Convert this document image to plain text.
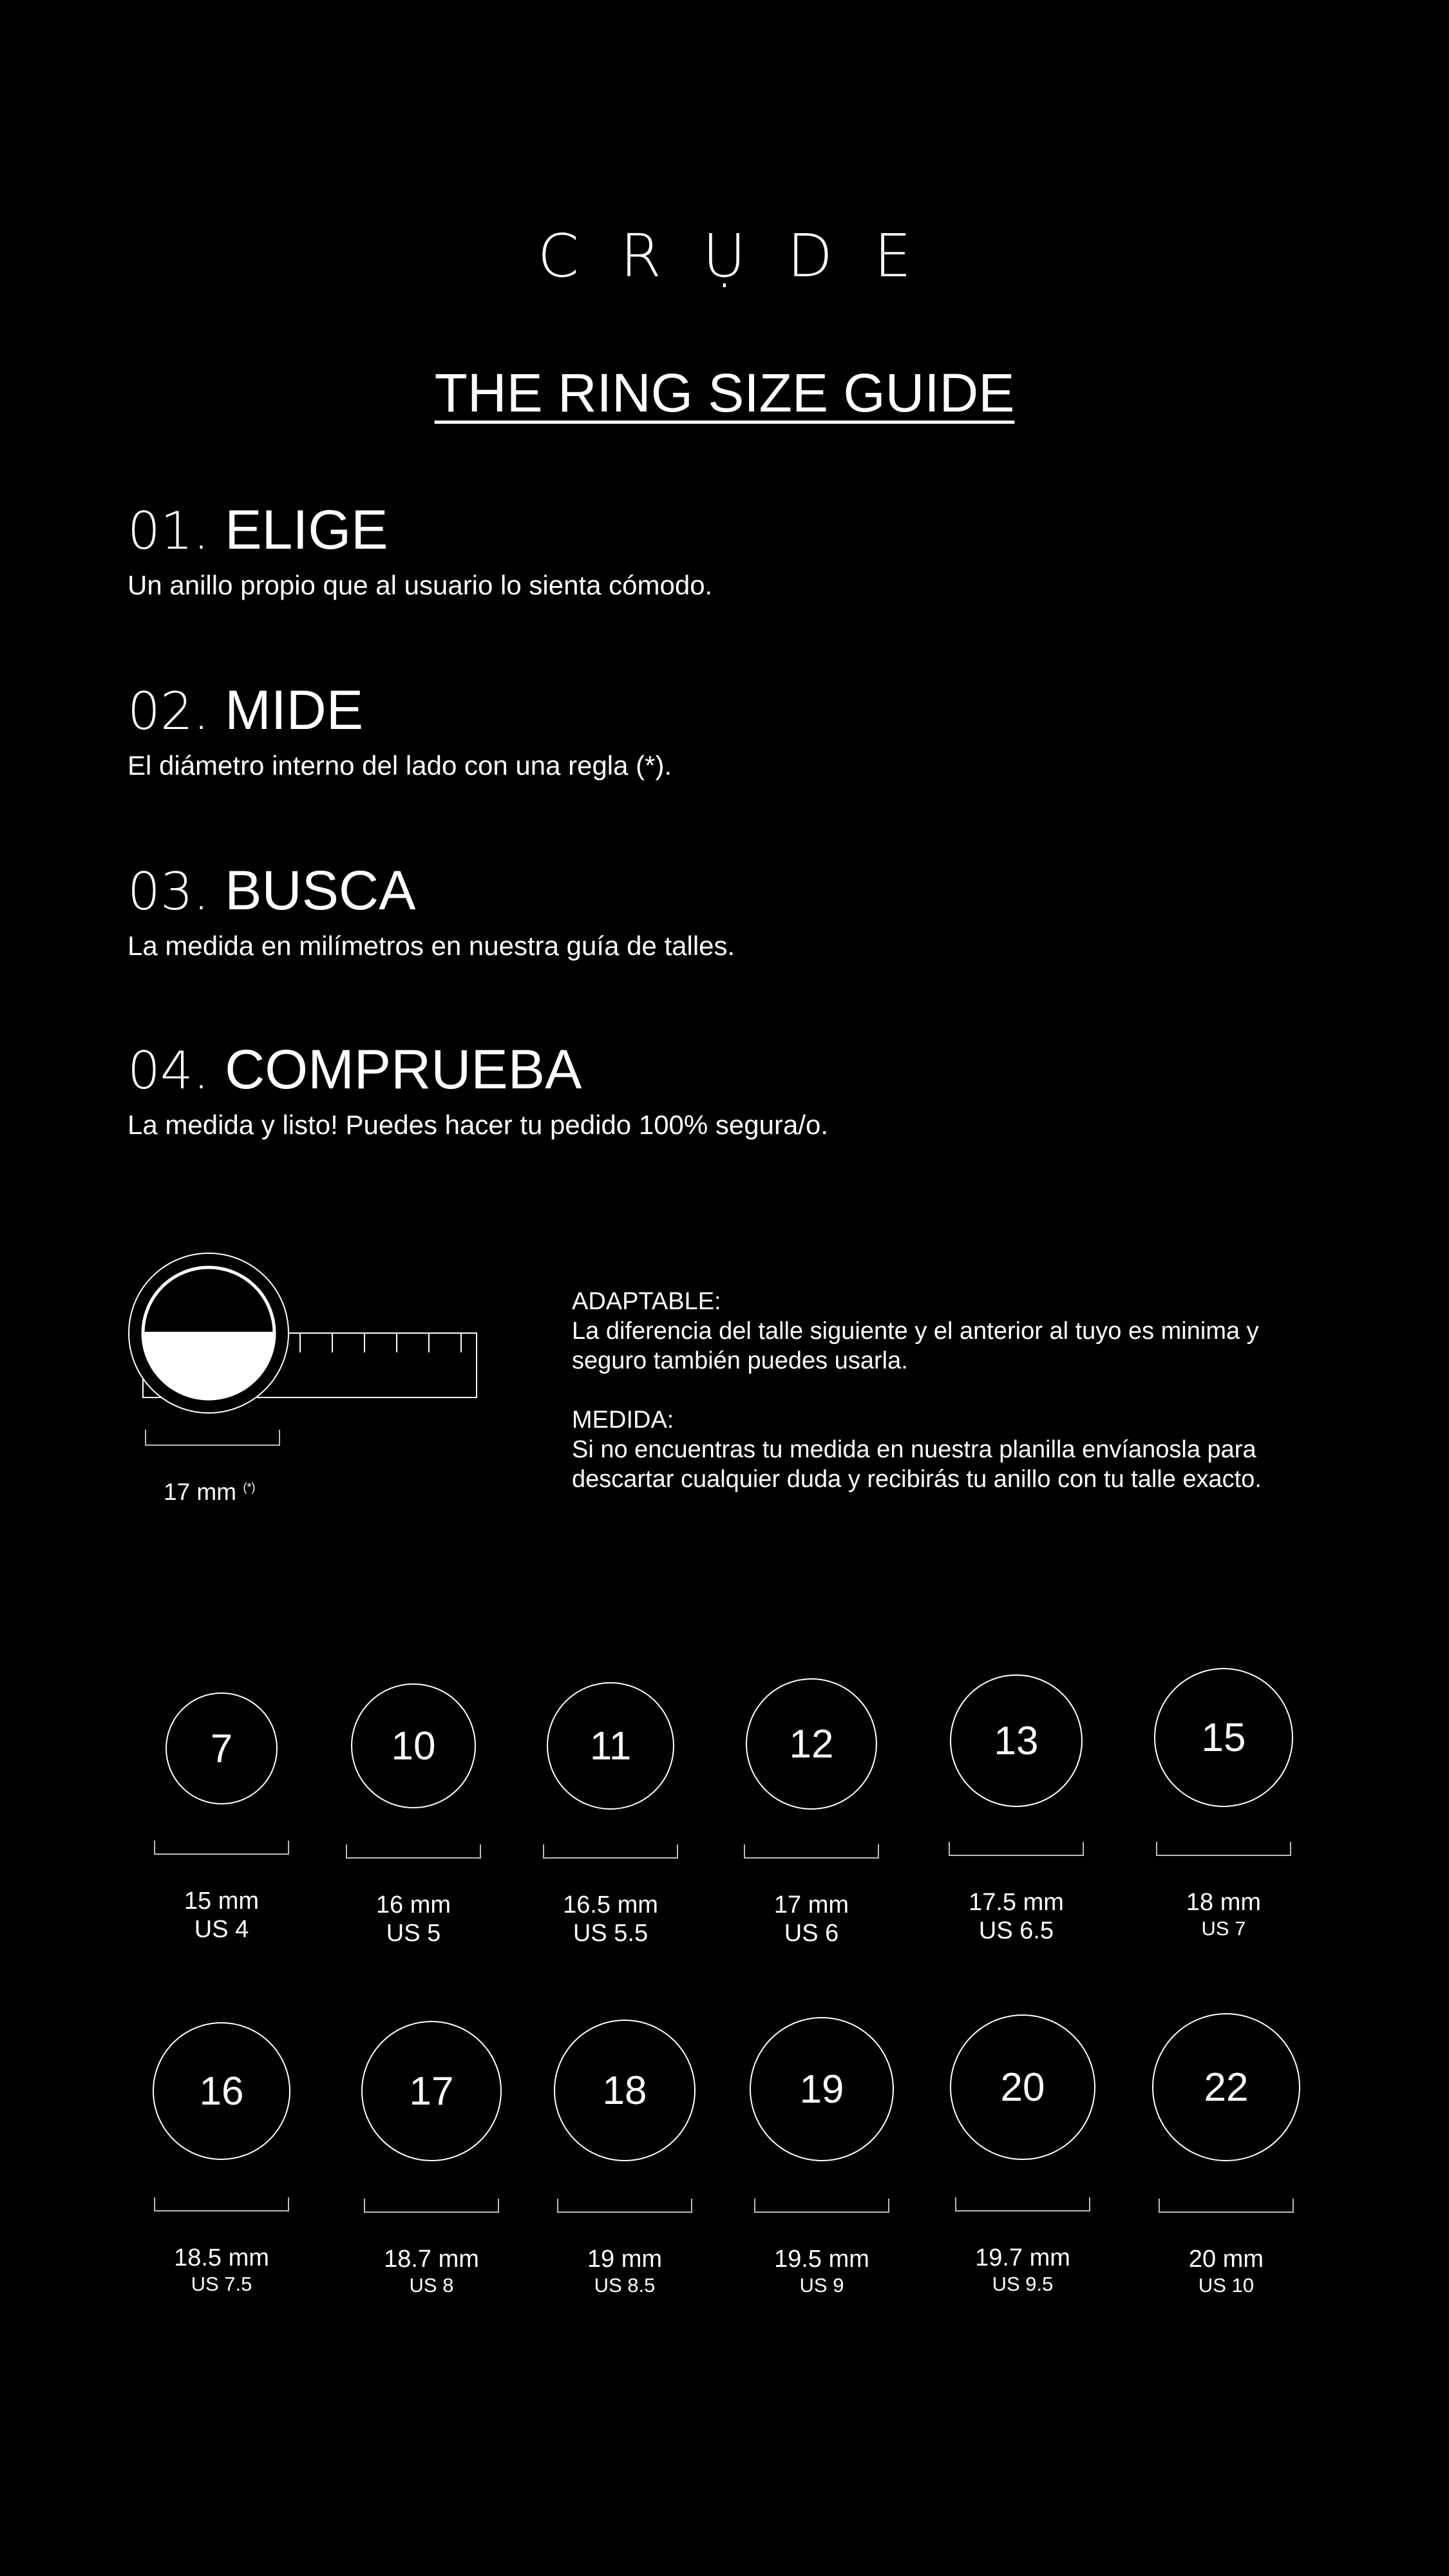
CRỤDE
THE RING SIZE GUIDE
01. ELIGE
Un anillo propio que al usuario lo sienta cómodo.
02. MIDE
El diámetro interno del lado con una regla (*).
03. BUSCA
La medida en milímetros en nuestra guía de talles.
04. COMPRUEBA
La medida y listo! Puedes hacer tu pedido 100% segura/o.
17 mm (*)
ADAPTABLE:
La diferencia del talle siguiente y el anterior al tuyo es minima y
seguro también puedes usarla.
MEDIDA:
Si no encuentras tu medida en nuestra planilla envíanosla para
descartar cualquier duda y recibirás tu anillo con tu talle exacto.
7
15 mm
US 4
10
16 mm
US 5
11
16.5 mm
US 5.5
12
17 mm
US 6
13
17.5 mm
US 6.5
15
18 mm
US 7
16
18.5 mm
US 7.5
17
18.7 mm
US 8
18
19 mm
US 8.5
19
19.5 mm
US 9
20
19.7 mm
US 9.5
22
20 mm
US 10
